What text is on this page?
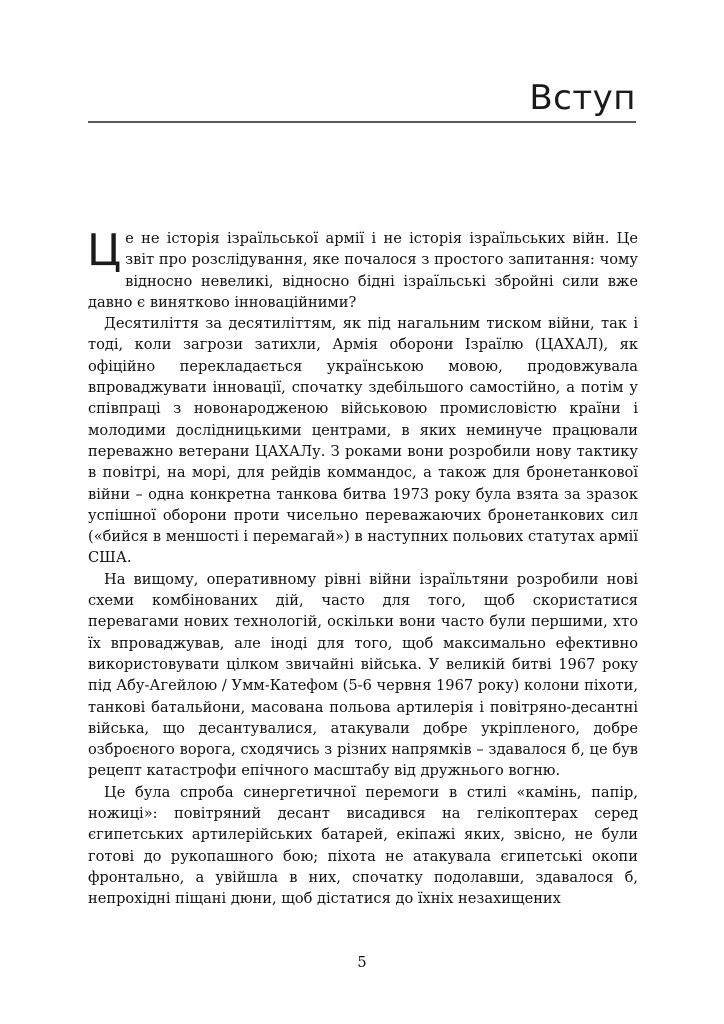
Вступ

Це не історія ізраїльської армії і не історія ізраїльських війн. Це звіт про розслідування, яке почалося з простого запитання: чому відносно невеликі, відносно бідні ізраїльські збройні сили вже давно є винятково інноваційними?

Десятиліття за десятиліттям, як під нагальним тиском війни, так і тоді, коли загрози затихли, Армія оборони Ізраїлю (ЦАХАЛ), як офіційно перекладається українською мовою, продовжувала впроваджувати інновації, спочатку здебільшого самостійно, а потім у співпраці з новонародженою військовою промисловістю країни і молодими дослідницькими центрами, в яких неминуче працювали переважно ветерани ЦАХАЛу. З роками вони розробили нову тактику в повітрі, на морі, для рейдів коммандос, а також для бронетанкової війни – одна конкретна танкова битва 1973 року була взята за зразок успішної оборони проти чисельно переважаючих бронетанкових сил («бийся в меншості і перемагай») в наступних польових статутах армії США.

На вищому, оперативному рівні війни ізраїльтяни розробили нові схеми комбінованих дій, часто для того, щоб скористатися перевагами нових технологій, оскільки вони часто були першими, хто їх впроваджував, але іноді для того, щоб максимально ефективно використовувати цілком звичайні війська. У великій битві 1967 року під Абу-Агейлою / Умм-Катефом (5-6 червня 1967 року) колони піхоти, танкові батальйони, масована польова артилерія і повітряно-десантні війська, що десантувалися, атакували добре укріпленого, добре озброєного ворога, сходячись з різних напрямків – здавалося б, це був рецепт катастрофи епічного масштабу від дружнього вогню.

Це була спроба синергетичної перемоги в стилі «камінь, папір, ножиці»: повітряний десант висадився на гелікоптерах серед єгипетських артилерійських батарей, екіпажі яких, звісно, не були готові до рукопашного бою; піхота не атакувала єгипетські окопи фронтально, а увійшла в них, спочатку подолавши, здавалося б, непрохідні піщані дюни, щоб дістатися до їхніх незахищених

5
